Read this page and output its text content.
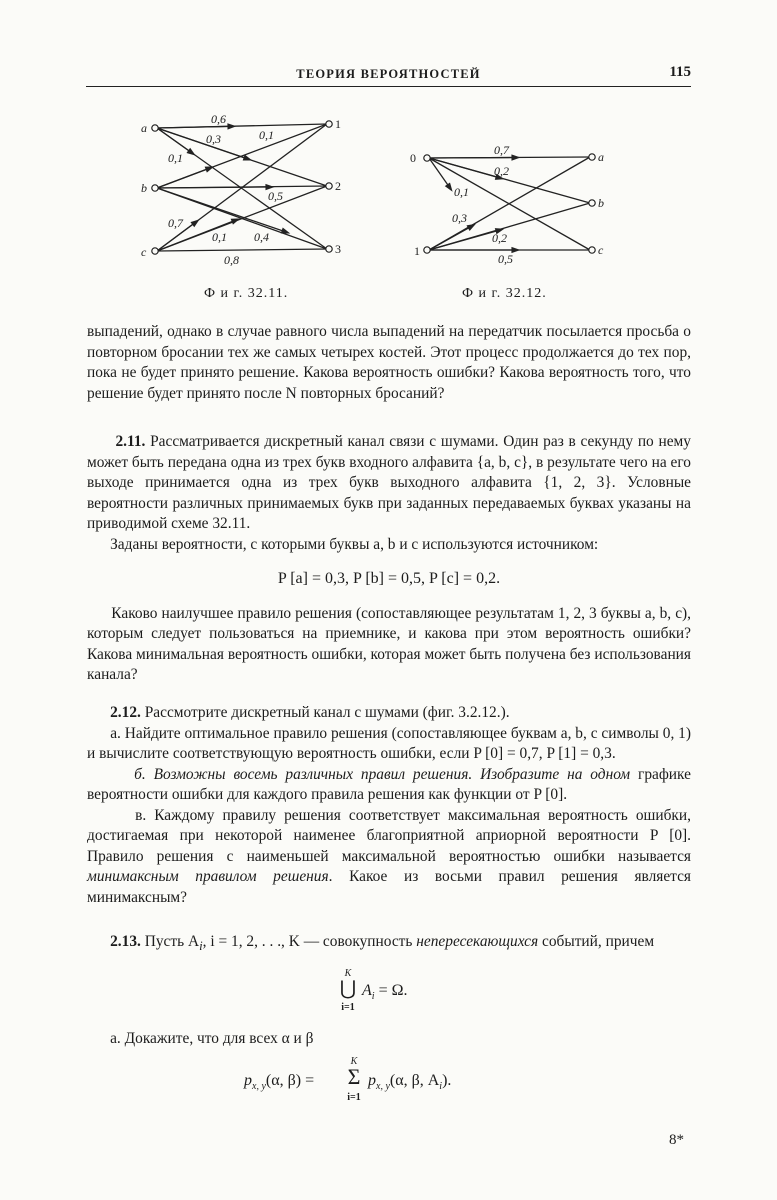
ТЕОРИЯ ВЕРОЯТНОСТЕЙ	115
a
b
c
1
2
3
0,6
0,3	0,1
0,1
0,5
0,7
0,1 0,4
0,8
0
1
a
b
c
0,7
0,2
0,1
0,3
0,2
0,5
Ф и г. 32.11.	Ф и г. 32.12.
выпадений, однако в случае равного числа выпадений на передатчик посылается просьба о повторном бросании тех же самых четырех костей. Этот процесс продолжается до тех пор, пока не будет принято решение. Какова вероятность ошибки? Какова вероятность того, что решение будет принято после N повторных бросаний?

2.11. Рассматривается дискретный канал связи с шумами. Один раз в секунду по нему может быть передана одна из трех букв входного алфавита {a, b, c}, в результате чего на его выходе принимается одна из трех букв выходного алфавита {1, 2, 3}. Условные вероятности различных принимаемых букв при заданных передаваемых буквах указаны на приводимой схеме 32.11.

Заданы вероятности, с которыми буквы a, b и c используются источником:

P [a] = 0,3, P [b] = 0,5, P [c] = 0,2.

Каково наилучшее правило решения (сопоставляющее результатам 1, 2, 3 буквы a, b, c), которым следует пользоваться на приемнике, и какова при этом вероятность ошибки? Какова минимальная вероятность ошибки, которая может быть получена без использования канала?

2.12. Рассмотрите дискретный канал с шумами (фиг. 3.2.12.).

а. Найдите оптимальное правило решения (сопоставляющее буквам a, b, c символы 0, 1) и вычислите соответствующую вероятность ошибки, если P [0] = 0,7, P [1] = 0,3.

б. Возможны восемь различных правил решения. Изобразите на одном графике вероятности ошибки для каждого правила решения как функции от P [0].

в. Каждому правилу решения соответствует максимальная вероятность ошибки, достигаемая при некоторой наименее благоприятной априорной вероятности P [0]. Правило решения с наименьшей максимальной вероятностью ошибки называется минимаксным правилом решения. Какое из восьми правил решения является минимаксным?

2.13. Пусть $A_i$, i = 1, 2, . . ., K — совокупность непересекающихся событий, причем

K
⋃
i=1
$A_i = \Omega$.

а. Докажите, что для всех α и β

$p_{x, y}(\alpha$, β) =
K
Σ
i=1
$p_{x, y}(\alpha$, β, $A_i$).
8*
